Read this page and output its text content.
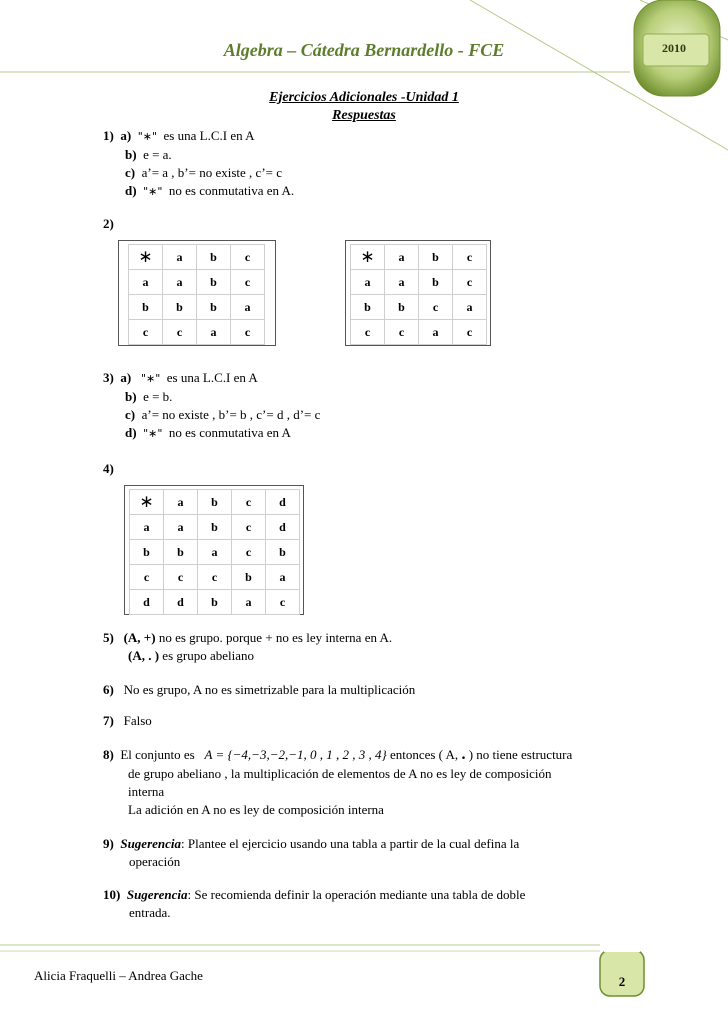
Algebra – Cátedra Bernardello - FCE	2010
Ejercicios Adicionales -Unidad 1
Respuestas
1) a) "∗" es una L.C.I en A
b) e = a.
c) a’= a , b’= no existe , c’= c
d) "∗" no es conmutativa en A.
2)
∗	a	b	c
a	a	b	c
b	b	b	a
c	c	a	c
∗	a	b	c
a	a	b	c
b	b	c	a
c	c	a	c
3) a) "∗" es una L.C.I en A
b) e = b.
c) a’= no existe , b’= b , c’= d , d’= c
d) "∗" no es conmutativa en A
4)
∗	a	b	c	d
a	a	b	c	d
b	b	a	c	b
c	c	c	b	a
d	d	b	a	c
5) (A, +) no es grupo. porque + no es ley interna en A.
(A, . ) es grupo abeliano
6) No es grupo, A no es simetrizable para la multiplicación
7) Falso
8) El conjunto es A = {−4,−3,−2,−1, 0 , 1 , 2 , 3 , 4} entonces ( A, . ) no tiene estructura
de grupo abeliano , la multiplicación de elementos de A no es ley de composición
interna
La adición en A no es ley de composición interna
9) Sugerencia: Plantee el ejercicio usando una tabla a partir de la cual defina la
operación
10) Sugerencia: Se recomienda definir la operación mediante una tabla de doble
entrada.
Alicia Fraquelli – Andrea Gache	2
